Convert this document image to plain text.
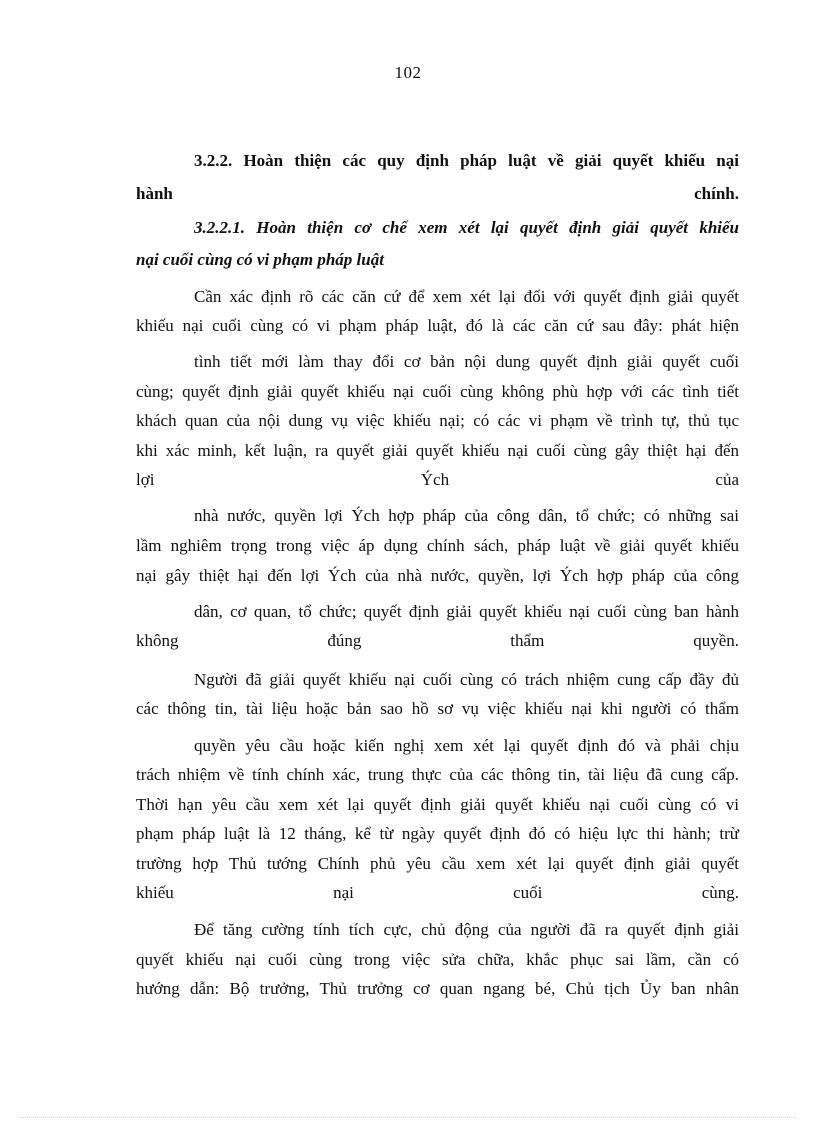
102
3.2.2. Hoàn thiện các quy định pháp luật về giải quyết khiếu nại
hành chính.
3.2.2.1. Hoàn thiện cơ chế xem xét lại quyết định giải quyết khiếu
nại cuối cùng có vi phạm pháp luật
Cần xác định rõ các căn cứ để xem xét lại đối với quyết định giải quyết
khiếu nại cuối cùng có vi phạm pháp luật, đó là các căn cứ sau đây: phát hiện
tình tiết mới làm thay đổi cơ bản nội dung quyết định giải quyết cuối
cùng; quyết định giải quyết khiếu nại cuối cùng không phù hợp với các tình tiết
khách quan của nội dung vụ việc khiếu nại; có các vi phạm về trình tự, thủ tục
khi xác minh, kết luận, ra quyết giải quyết khiếu nại cuối cùng gây thiệt hại đến
lợi Ých của
nhà nước, quyền lợi Ých hợp pháp của công dân, tổ chức; có những sai
lầm nghiêm trọng trong việc áp dụng chính sách, pháp luật về giải quyết khiếu
nại gây thiệt hại đến lợi Ých của nhà nước, quyền, lợi Ých hợp pháp của công
dân, cơ quan, tổ chức; quyết định giải quyết khiếu nại cuối cùng ban hành
không đúng thẩm quyền.
Người đã giải quyết khiếu nại cuối cùng có trách nhiệm cung cấp đầy đủ
các thông tin, tài liệu hoặc bản sao hồ sơ vụ việc khiếu nại khi người có thẩm
quyền yêu cầu hoặc kiến nghị xem xét lại quyết định đó và phải chịu
trách nhiệm về tính chính xác, trung thực của các thông tin, tài liệu đã cung cấp.
Thời hạn yêu cầu xem xét lại quyết định giải quyết khiếu nại cuối cùng có vi
phạm pháp luật là 12 tháng, kể từ ngày quyết định đó có hiệu lực thi hành; trừ
trường hợp Thủ tướng Chính phủ yêu cầu xem xét lại quyết định giải quyết
khiếu nại cuối cùng.
Để tăng cường tính tích cực, chủ động của người đã ra quyết định giải
quyết khiếu nại cuối cùng trong việc sửa chữa, khắc phục sai lầm, cần có
hướng dẫn: Bộ trưởng, Thủ trưởng cơ quan ngang bé, Chủ tịch Ủy ban nhân
